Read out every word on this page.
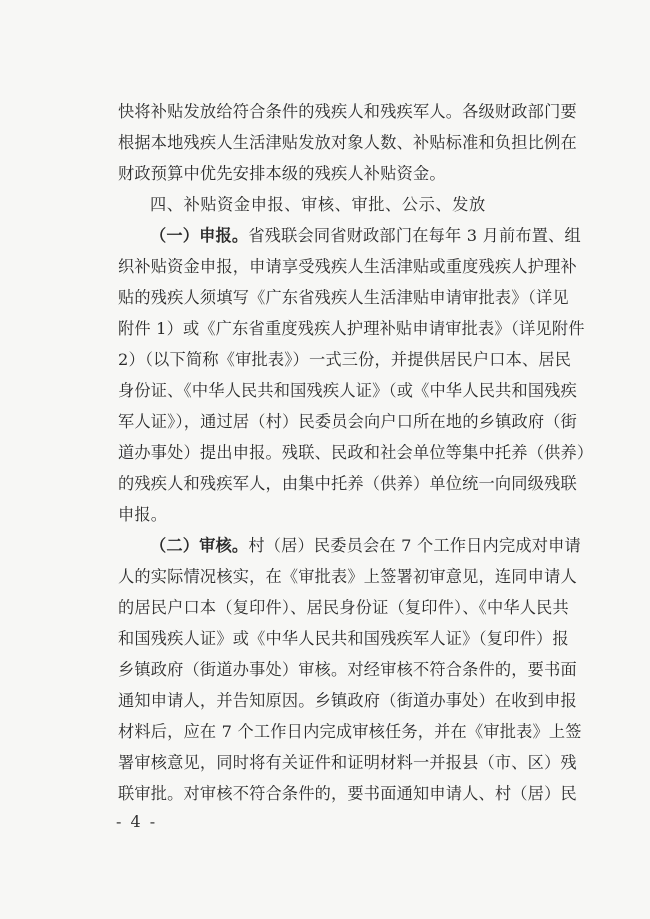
快将补贴发放给符合条件的残疾人和残疾军人。各级财政部门要
根据本地残疾人生活津贴发放对象人数、补贴标准和负担比例在
财政预算中优先安排本级的残疾人补贴资金。
四、补贴资金申报、审核、审批、公示、发放
（一）申报。省残联会同省财政部门在每年 3 月前布置、组
织补贴资金申报，申请享受残疾人生活津贴或重度残疾人护理补
贴的残疾人须填写《广东省残疾人生活津贴申请审批表》（详见
附件 1）或《广东省重度残疾人护理补贴申请审批表》（详见附件
2）（以下简称《审批表》）一式三份，并提供居民户口本、居民
身份证、《中华人民共和国残疾人证》（或《中华人民共和国残疾
军人证》），通过居（村）民委员会向户口所在地的乡镇政府（街
道办事处）提出申报。残联、民政和社会单位等集中托养（供养）
的残疾人和残疾军人，由集中托养（供养）单位统一向同级残联
申报。
（二）审核。村（居）民委员会在 7 个工作日内完成对申请
人的实际情况核实，在《审批表》上签署初审意见，连同申请人
的居民户口本（复印件）、居民身份证（复印件）、《中华人民共
和国残疾人证》或《中华人民共和国残疾军人证》（复印件）报
乡镇政府（街道办事处）审核。对经审核不符合条件的，要书面
通知申请人，并告知原因。乡镇政府（街道办事处）在收到申报
材料后，应在 7 个工作日内完成审核任务，并在《审批表》上签
署审核意见，同时将有关证件和证明材料一并报县（市、区）残
联审批。对审核不符合条件的，要书面通知申请人、村（居）民
- 4 -
